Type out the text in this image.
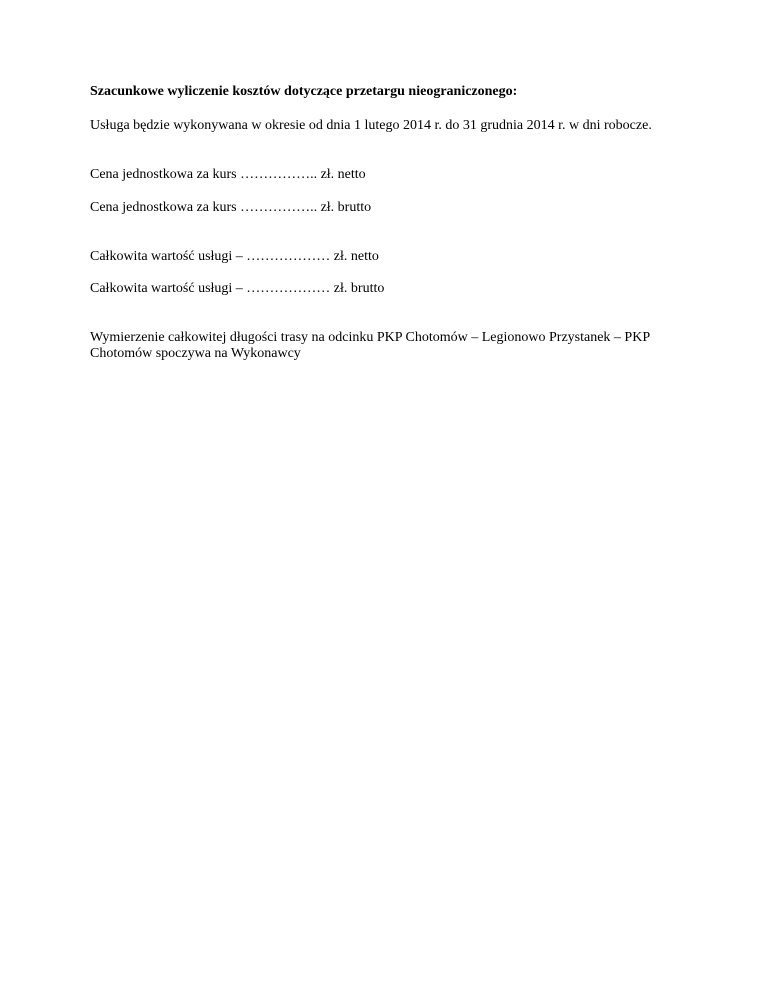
Szacunkowe wyliczenie kosztów dotyczące przetargu nieograniczonego:

Usługa będzie wykonywana w okresie od dnia 1 lutego 2014 r. do 31 grudnia 2014 r. w dni robocze.

Cena jednostkowa za kurs …………….. zł. netto

Cena jednostkowa za kurs …………….. zł. brutto

Całkowita wartość usługi – ……………… zł. netto

Całkowita wartość usługi – ……………… zł. brutto

Wymierzenie całkowitej długości trasy na odcinku PKP Chotomów – Legionowo Przystanek – PKP Chotomów spoczywa na Wykonawcy
